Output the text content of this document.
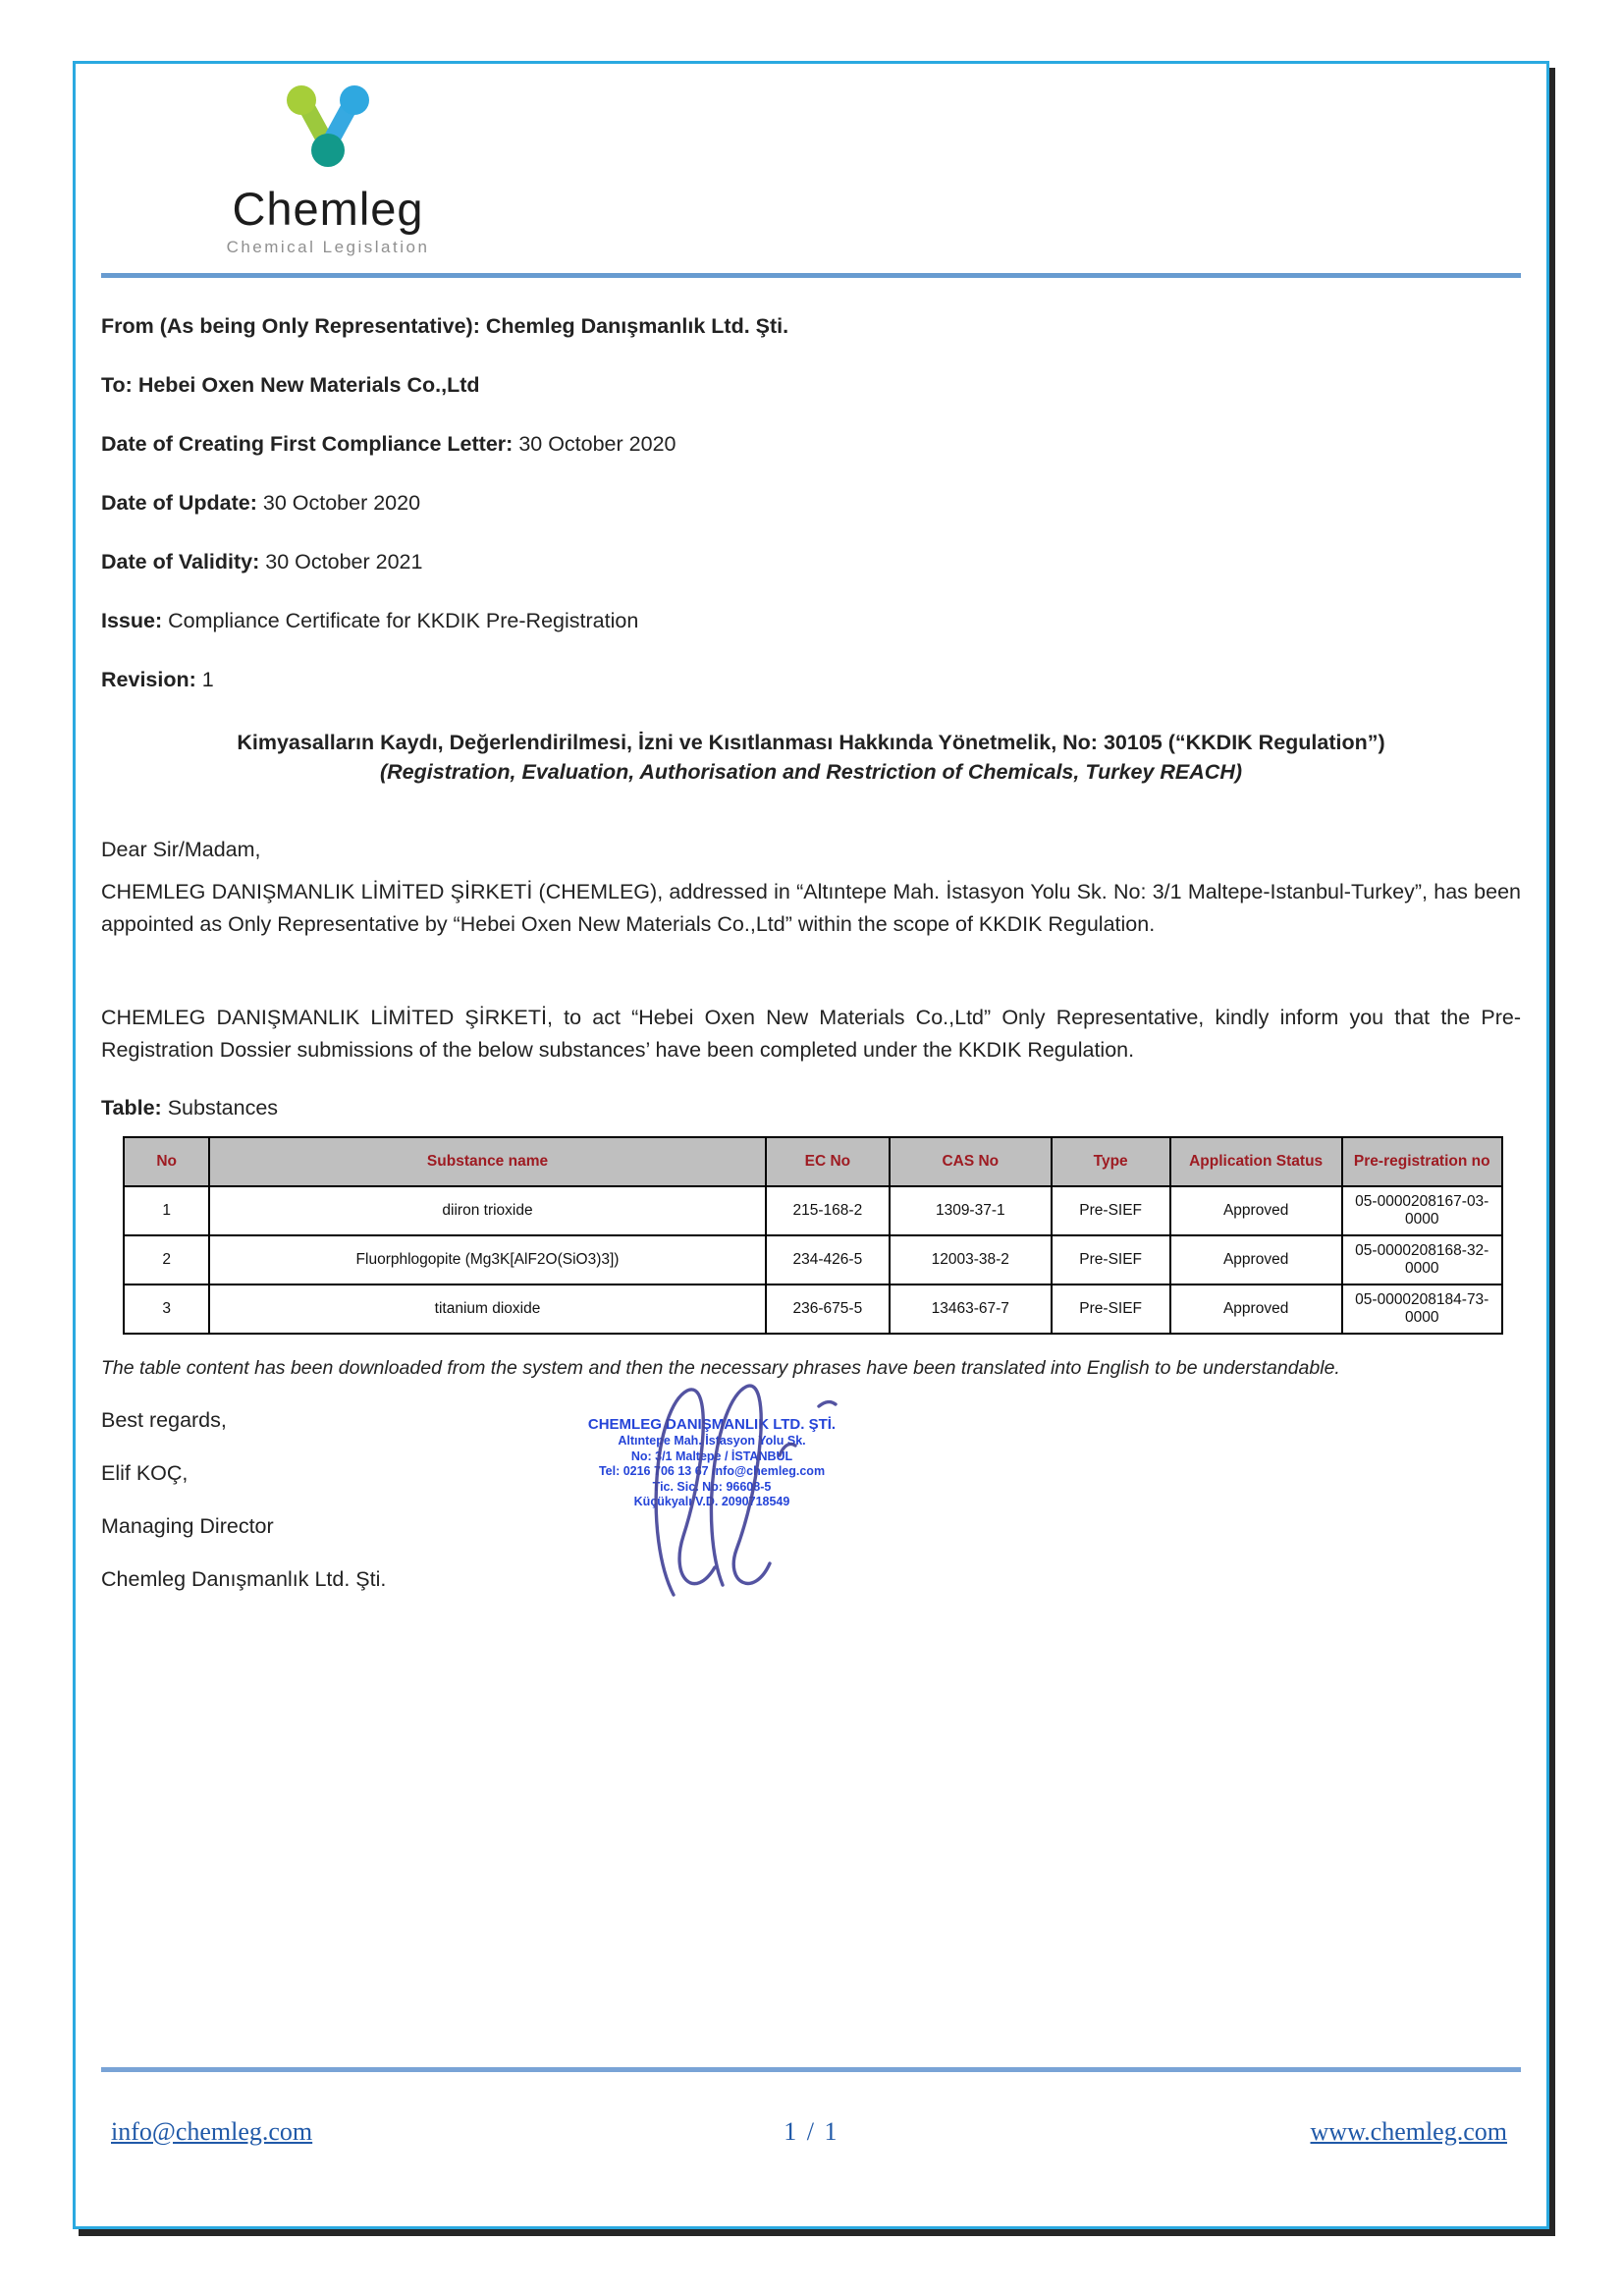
Chemleg
Chemical Legislation

From (As being Only Representative): Chemleg Danışmanlık Ltd. Şti.

To: Hebei Oxen New Materials Co.,Ltd

Date of Creating First Compliance Letter: 30 October 2020

Date of Update: 30 October 2020

Date of Validity: 30 October 2021

Issue: Compliance Certificate for KKDIK Pre-Registration

Revision: 1

Kimyasalların Kaydı, Değerlendirilmesi, İzni ve Kısıtlanması Hakkında Yönetmelik, No: 30105 (“KKDIK Regulation”)
(Registration, Evaluation, Authorisation and Restriction of Chemicals, Turkey REACH)

Dear Sir/Madam,

CHEMLEG DANIŞMANLIK LİMİTED ŞİRKETİ (CHEMLEG), addressed in “Altıntepe Mah. İstasyon Yolu Sk. No: 3/1 Maltepe-Istanbul-Turkey”, has been appointed as Only Representative by “Hebei Oxen New Materials Co.,Ltd” within the scope of KKDIK Regulation.

CHEMLEG DANIŞMANLIK LİMİTED ŞİRKETİ, to act “Hebei Oxen New Materials Co.,Ltd” Only Representative, kindly inform you that the Pre-Registration Dossier submissions of the below substances’ have been completed under the KKDIK Regulation.

Table: Substances

No	Substance name	EC No	CAS No	Type	Application Status	Pre-registration no
1	diiron trioxide	215-168-2	1309-37-1	Pre-SIEF	Approved	05-0000208167-03-0000
2	Fluorphlogopite (Mg3K[AlF2O(SiO3)3])	234-426-5	12003-38-2	Pre-SIEF	Approved	05-0000208168-32-0000
3	titanium dioxide	236-675-5	13463-67-7	Pre-SIEF	Approved	05-0000208184-73-0000

The table content has been downloaded from the system and then the necessary phrases have been translated into English to be understandable.

Best regards,

Elif KOÇ,

Managing Director

Chemleg Danışmanlık Ltd. Şti.

CHEMLEG DANIŞMANLIK LTD. ŞTİ.
Altıntepe Mah. İstasyon Yolu Sk.
No: 3/1 Maltepe / İSTANBUL
Tel: 0216 706 13 67 info@chemleg.com
Tic. Sic. No: 96608-5
Küçükyalı V.D. 2090718549
info@chemleg.com	1 / 1	www.chemleg.com
